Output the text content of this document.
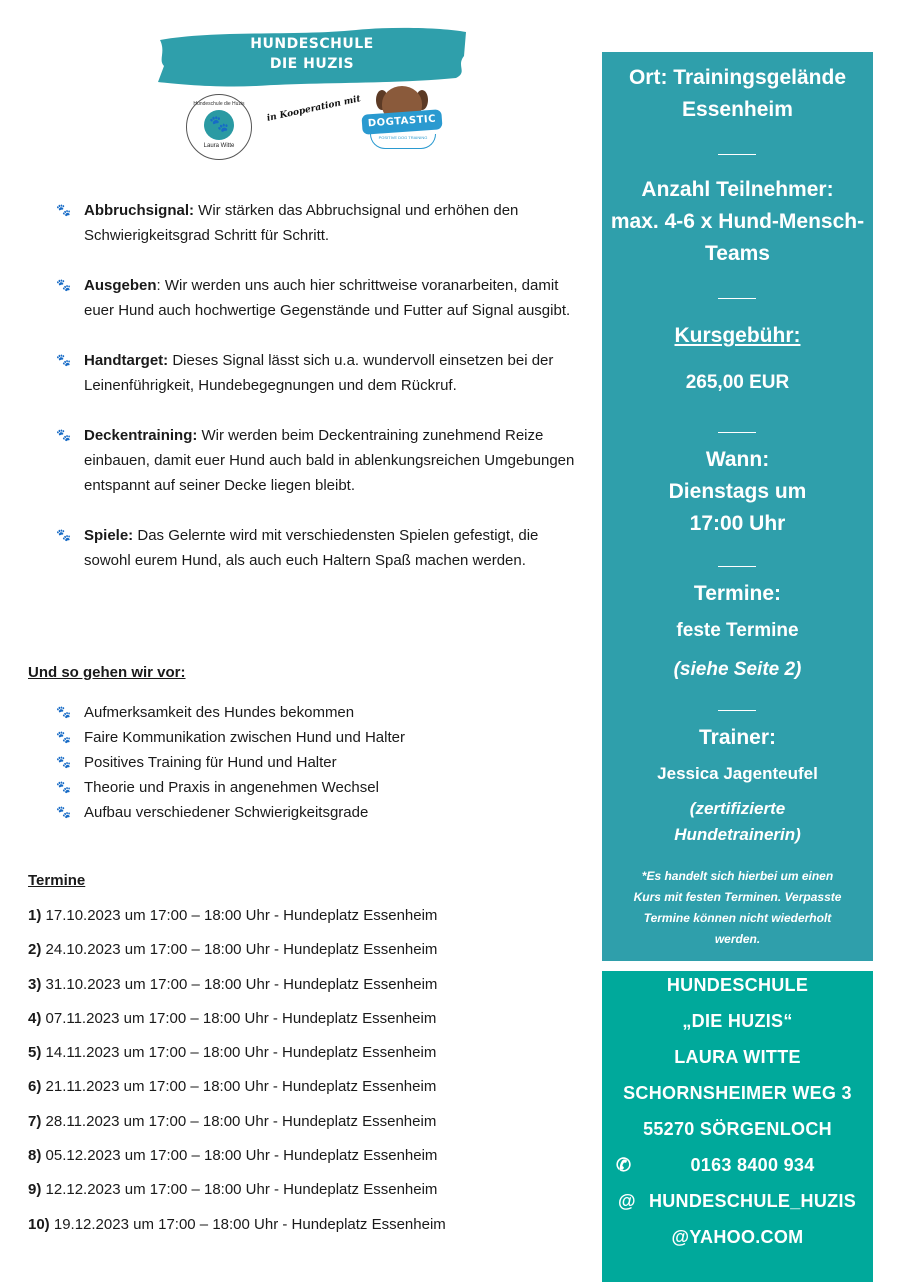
HUNDESCHULE
DIE HUZIS
Hundeschule die Huzis
🐾
Laura Witte
in Kooperation mit DOGTASTIC
POSITIVE DOG TRAINING
🐾 Abbruchsignal: Wir stärken das Abbruchsignal und erhöhen den Schwierigkeitsgrad Schritt für Schritt.
🐾 Ausgeben: Wir werden uns auch hier schrittweise voranarbeiten, damit euer Hund auch hochwertige Gegenstände und Futter auf Signal ausgibt.
🐾 Handtarget: Dieses Signal lässt sich u.a. wundervoll einsetzen bei der Leinenführigkeit, Hundebegegnungen und dem Rückruf.
🐾 Deckentraining: Wir werden beim Deckentraining zunehmend Reize einbauen, damit euer Hund auch bald in ablenkungsreichen Umgebungen entspannt auf seiner Decke liegen bleibt.
🐾 Spiele: Das Gelernte wird mit verschiedensten Spielen gefestigt, die sowohl eurem Hund, als auch euch Haltern Spaß machen werden.
Und so gehen wir vor:
🐾 Aufmerksamkeit des Hundes bekommen
🐾 Faire Kommunikation zwischen Hund und Halter
🐾 Positives Training für Hund und Halter
🐾 Theorie und Praxis in angenehmen Wechsel
🐾 Aufbau verschiedener Schwierigkeitsgrade
Termine
1) 17.10.2023 um 17:00 – 18:00 Uhr - Hundeplatz Essenheim
2) 24.10.2023 um 17:00 – 18:00 Uhr - Hundeplatz Essenheim
3) 31.10.2023 um 17:00 – 18:00 Uhr - Hundeplatz Essenheim
4) 07.11.2023 um 17:00 – 18:00 Uhr - Hundeplatz Essenheim
5) 14.11.2023 um 17:00 – 18:00 Uhr - Hundeplatz Essenheim
6) 21.11.2023 um 17:00 – 18:00 Uhr - Hundeplatz Essenheim
7) 28.11.2023 um 17:00 – 18:00 Uhr - Hundeplatz Essenheim
8) 05.12.2023 um 17:00 – 18:00 Uhr - Hundeplatz Essenheim
9) 12.12.2023 um 17:00 – 18:00 Uhr - Hundeplatz Essenheim
10) 19.12.2023 um 17:00 – 18:00 Uhr - Hundeplatz Essenheim
Ort: Trainingsgelände
Essenheim
Anzahl Teilnehmer:
max. 4-6 x Hund-Mensch-
Teams
Kursgebühr:
265,00 EUR
Wann:
Dienstags um
17:00 Uhr
Termine:
feste Termine
(siehe Seite 2)
Trainer:
Jessica Jagenteufel
(zertifizierte
Hundetrainerin)
*Es handelt sich hierbei um einen
Kurs mit festen Terminen. Verpasste
Termine können nicht wiederholt
werden.
HUNDESCHULE
„DIE HUZIS“
LAURA WITTE
SCHORNSHEIMER WEG 3
55270 SÖRGENLOCH
✆	0163 8400 934
@ HUNDESCHULE_HUZIS
@YAHOO.COM
